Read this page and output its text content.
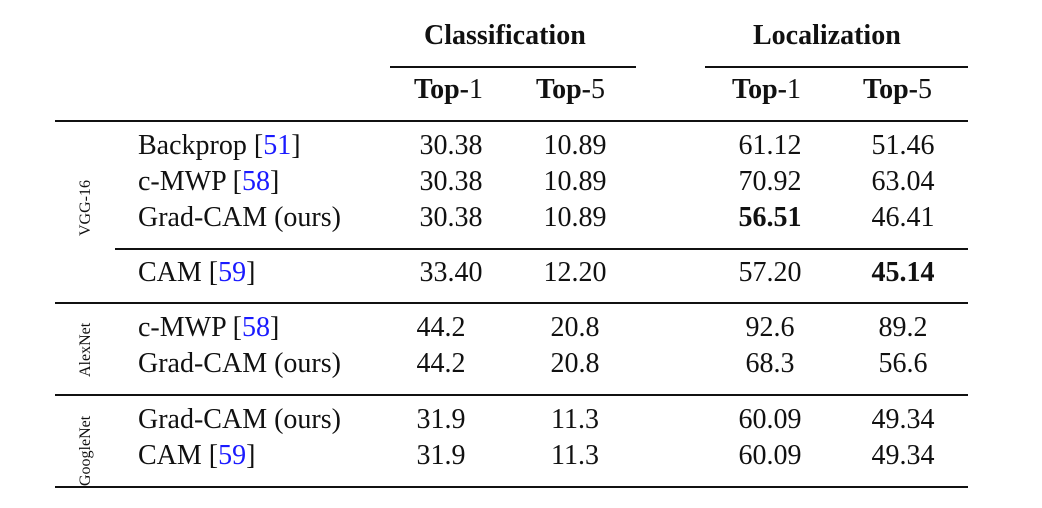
Classification	Localization
Top-1 Top-5	Top-1 Top-5
VGG-16
AlexNet
GoogleNet
Backprop [51]	30.38	10.89	61.12	51.46
c-MWP [58]	30.38	10.89	70.92	63.04
Grad-CAM (ours)	30.38	10.89	56.51	46.41
CAM [59]	33.40	12.20	57.20	45.14
c-MWP [58]	44.2	20.8	92.6	89.2
Grad-CAM (ours)	44.2	20.8	68.3	56.6
Grad-CAM (ours)	31.9	11.3	60.09	49.34
CAM [59]	31.9	11.3	60.09	49.34
